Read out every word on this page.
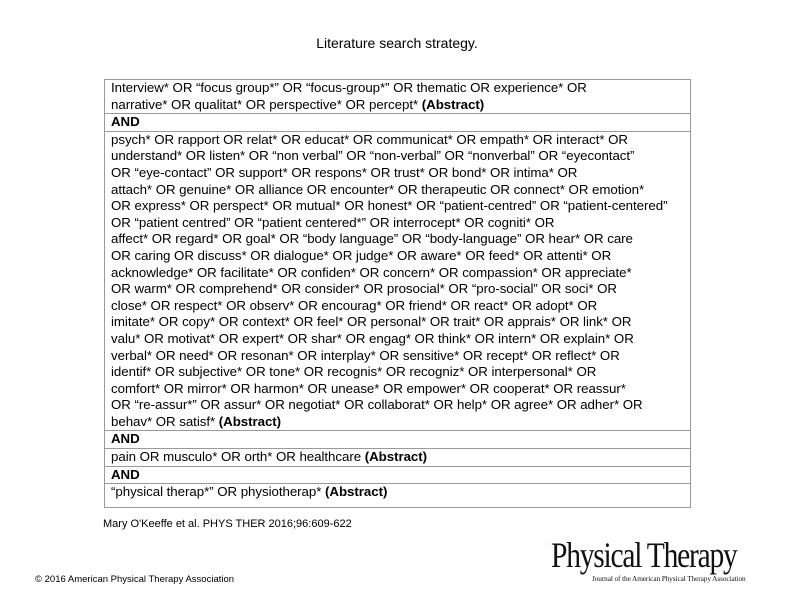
Literature search strategy.
Interview* OR “focus group*” OR “focus-group*” OR thematic OR experience* OR
narrative* OR qualitat* OR perspective* OR percept* (Abstract)
AND
psych* OR rapport OR relat* OR educat* OR communicat* OR empath* OR interact* OR
understand* OR listen* OR “non verbal” OR “non-verbal” OR “nonverbal” OR “eyecontact”
OR “eye-contact” OR support* OR respons* OR trust* OR bond* OR intima* OR
attach* OR genuine* OR alliance OR encounter* OR therapeutic OR connect* OR emotion*
OR express* OR perspect* OR mutual* OR honest* OR “patient-centred” OR “patient-centered”
OR “patient centred” OR “patient centered*” OR interrocept* OR cogniti* OR
affect* OR regard* OR goal* OR “body language” OR “body-language” OR hear* OR care
OR caring OR discuss* OR dialogue* OR judge* OR aware* OR feed* OR attenti* OR
acknowledge* OR facilitate* OR confiden* OR concern* OR compassion* OR appreciate*
OR warm* OR comprehend* OR consider* OR prosocial* OR “pro-social” OR soci* OR
close* OR respect* OR observ* OR encourag* OR friend* OR react* OR adopt* OR
imitate* OR copy* OR context* OR feel* OR personal* OR trait* OR apprais* OR link* OR
valu* OR motivat* OR expert* OR shar* OR engag* OR think* OR intern* OR explain* OR
verbal* OR need* OR resonan* OR interplay* OR sensitive* OR recept* OR reflect* OR
identif* OR subjective* OR tone* OR recognis* OR recogniz* OR interpersonal* OR
comfort* OR mirror* OR harmon* OR unease* OR empower* OR cooperat* OR reassur*
OR “re-assur*” OR assur* OR negotiat* OR collaborat* OR help* OR agree* OR adher* OR
behav* OR satisf* (Abstract)
AND
pain OR musculo* OR orth* OR healthcare (Abstract)
AND
“physical therap*” OR physiotherap* (Abstract)
Mary O'Keeffe et al. PHYS THER 2016;96:609-622
© 2016 American Physical Therapy Association
Physical Therapy
Journal of the American Physical Therapy Association
